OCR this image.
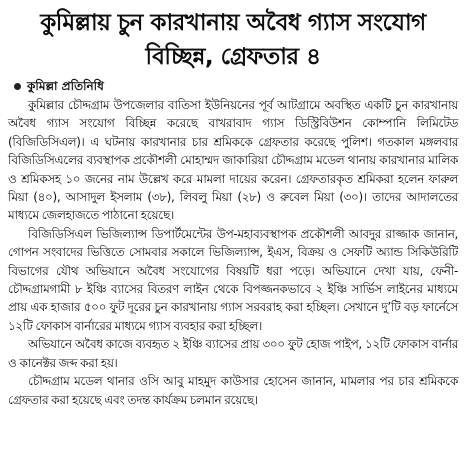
কুমিল্লায় চুন কারখানায় অবৈধ গ্যাস সংযোগ বিচ্ছিন্ন, গ্রেফতার ৪
কুমিল্লা প্রতিনিধি

কুমিল্লার চৌদ্দগ্রাম উপজেলার বাতিসা ইউনিয়নের পূর্ব আটগ্রামে অবস্থিত একটি চুন কারখানায় অবৈধ গ্যাস সংযোগ বিচ্ছিন্ন করেছে বাখরাবাদ গ্যাস ডিস্ট্রিবিউশন কোম্পানি লিমিটেড (বিজিডিসিএল)। এ ঘটনায় কারখানার চার শ্রমিককে গ্রেফতার করেছে পুলিশ। গতকাল মঙ্গলবার বিজিডিসিএলের ব্যবস্থাপক প্রকৌশলী মোহাম্মদ জাকারিয়া চৌদ্দগ্রাম মডেল থানায় কারখানার মালিক ও শ্রমিকসহ ১০ জনের নাম উল্লেখ করে মামলা দায়ের করেন। গ্রেফতারকৃত শ্রমিকরা হলেন ফারুল মিয়া (৪০), আসাদুল ইসলাম (৩৮), লিবলু মিয়া (২৮) ও রুবেল মিয়া (৩০)। তাদের আদালতের মাধ্যমে জেলহাজতে পাঠানো হয়েছে।

বিজিডিসিএল ভিজিল্যান্স ডিপার্টমেন্টের উপ-মহাব্যবস্থাপক প্রকৌশলী আবদুর রাজ্জাক জানান, গোপন সংবাদের ভিত্তিতে সোমবার সকালে ভিজিল্যান্স, ইএস, বিক্রয় ও সেফটি অ্যান্ড সিকিউরিটি বিভাগের যৌথ অভিযানে অবৈধ সংযোগের বিষয়টি ধরা পড়ে। অভিযানে দেখা যায়, ফেনী-চৌদ্দগ্রামগামী ৮ ইঞ্চি ব্যাসের বিতরণ লাইন থেকে বিপজ্জনকভাবে ২ ইঞ্চি সার্ভিস লাইনের মাধ্যমে প্রায় এক হাজার ৫০০ ফুট দূরের চুন কারখানায় গ্যাস সরবরাহ করা হচ্ছিল। সেখানে দু’টি বড় ফার্নেসে ১২টি ফোকাস বার্নারের মাধ্যমে গ্যাস ব্যবহার করা হচ্ছিল।

অভিযানে অবৈধ কাজে ব্যবহৃত ২ ইঞ্চি ব্যাসের প্রায় ৩০০ ফুট হোজ পাইপ, ১২টি ফোকাস বার্নার ও কানেক্টর জব্দ করা হয়।

চৌদ্দগ্রাম মডেল থানার ওসি আবু মাহমুদ কাউসার হোসেন জানান, মামলার পর চার শ্রমিককে গ্রেফতার করা হয়েছে এবং তদন্ত কার্যক্রম চলমান রয়েছে।
